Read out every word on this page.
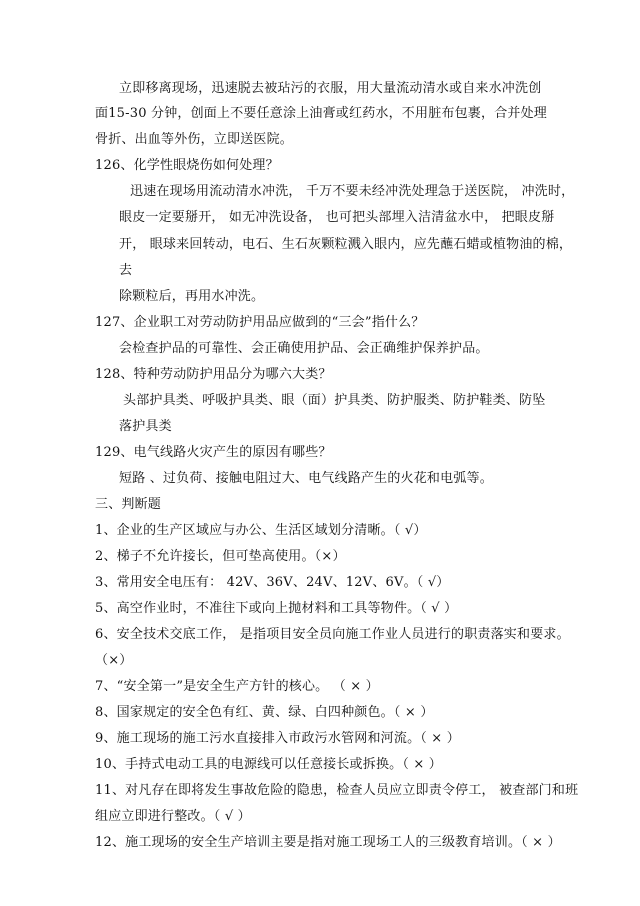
立即移离现场，迅速脱去被玷污的衣服，用大量流动清水或自来水冲洗创
面15-30 分钟，创面上不要任意涂上油膏或红药水，不用脏布包裹，合并处理
骨折、出血等外伤，立即送医院。
126、化学性眼烧伤如何处理？
迅速在现场用流动清水冲洗， 千万不要未经冲洗处理急于送医院， 冲洗时，
眼皮一定要掰开， 如无冲洗设备， 也可把头部埋入洁清盆水中， 把眼皮掰
开， 眼球来回转动，电石、生石灰颗粒溅入眼内，应先蘸石蜡或植物油的棉，
去
除颗粒后，再用水冲洗。
127、企业职工对劳动防护用品应做到的“三会”指什么？
会检查护品的可靠性、会正确使用护品、会正确维护保养护品。
128、特种劳动防护用品分为哪六大类？
头部护具类、呼吸护具类、眼（面）护具类、防护服类、防护鞋类、防坠
落护具类
129、电气线路火灾产生的原因有哪些？
短路 、过负荷、接触电阻过大、电气线路产生的火花和电弧等。
三、判断题
1、企业的生产区域应与办公、生活区域划分清晰。（ √）
2、梯子不允许接长，但可垫高使用。（×）
3、常用安全电压有： 42V、36V、24V、12V、6V。（ √）
5、高空作业时，不准往下或向上抛材料和工具等物件。（ √ ）
6、安全技术交底工作， 是指项目安全员向施工作业人员进行的职责落实和要求。
（×）
7、“安全第一”是安全生产方针的核心。 （ × ）
8、国家规定的安全色有红、黄、绿、白四种颜色。（ × ）
9、施工现场的施工污水直接排入市政污水管网和河流。（ × ）
10、手持式电动工具的电源线可以任意接长或拆换。（ × ）
11、对凡存在即将发生事故危险的隐患，检查人员应立即责令停工， 被查部门和班
组应立即进行整改。（ √ ）
12、施工现场的安全生产培训主要是指对施工现场工人的三级教育培训。（ × ）
